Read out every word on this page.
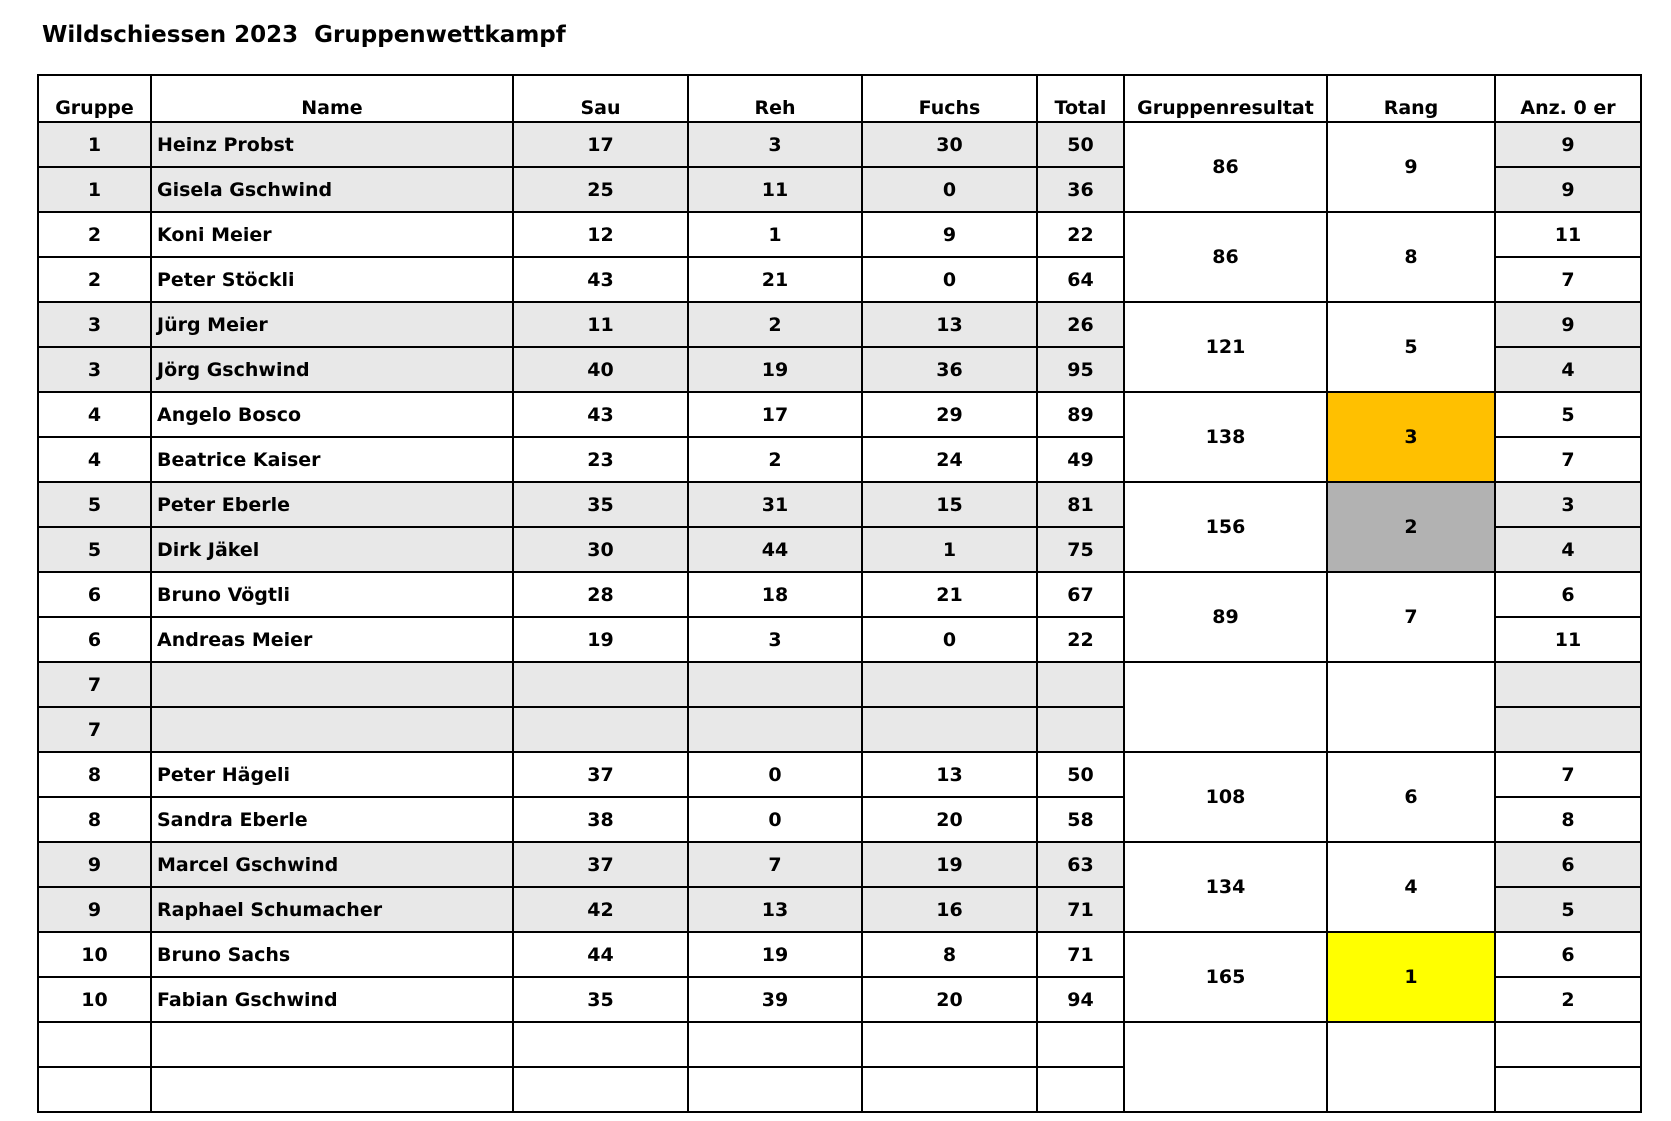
Wildschiessen 2023  Gruppenwettkampf
Gruppe	Name	Sau	Reh	Fuchs	Total	Gruppenresultat	Rang	Anz. 0 er
1	Heinz Probst	17	3	30	50	86	9	9
1	Gisela Gschwind	25	11	0	36			9
2	Koni Meier	12	1	9	22	86	8	11
2	Peter Stöckli	43	21	0	64			7
3	Jürg Meier	11	2	13	26	121	5	9
3	Jörg Gschwind	40	19	36	95			4
4	Angelo Bosco	43	17	29	89	138	3	5
4	Beatrice Kaiser	23	2	24	49			7
5	Peter Eberle	35	31	15	81	156	2	3
5	Dirk Jäkel	30	44	1	75			4
6	Bruno Vögtli	28	18	21	67	89	7	6
6	Andreas Meier	19	3	0	22			11
7								
7								
8	Peter Hägeli	37	0	13	50	108	6	7
8	Sandra Eberle	38	0	20	58			8
9	Marcel Gschwind	37	7	19	63	134	4	6
9	Raphael Schumacher	42	13	16	71			5
10	Bruno Sachs	44	19	8	71	165	1	6
10	Fabian Gschwind	35	39	20	94			2
